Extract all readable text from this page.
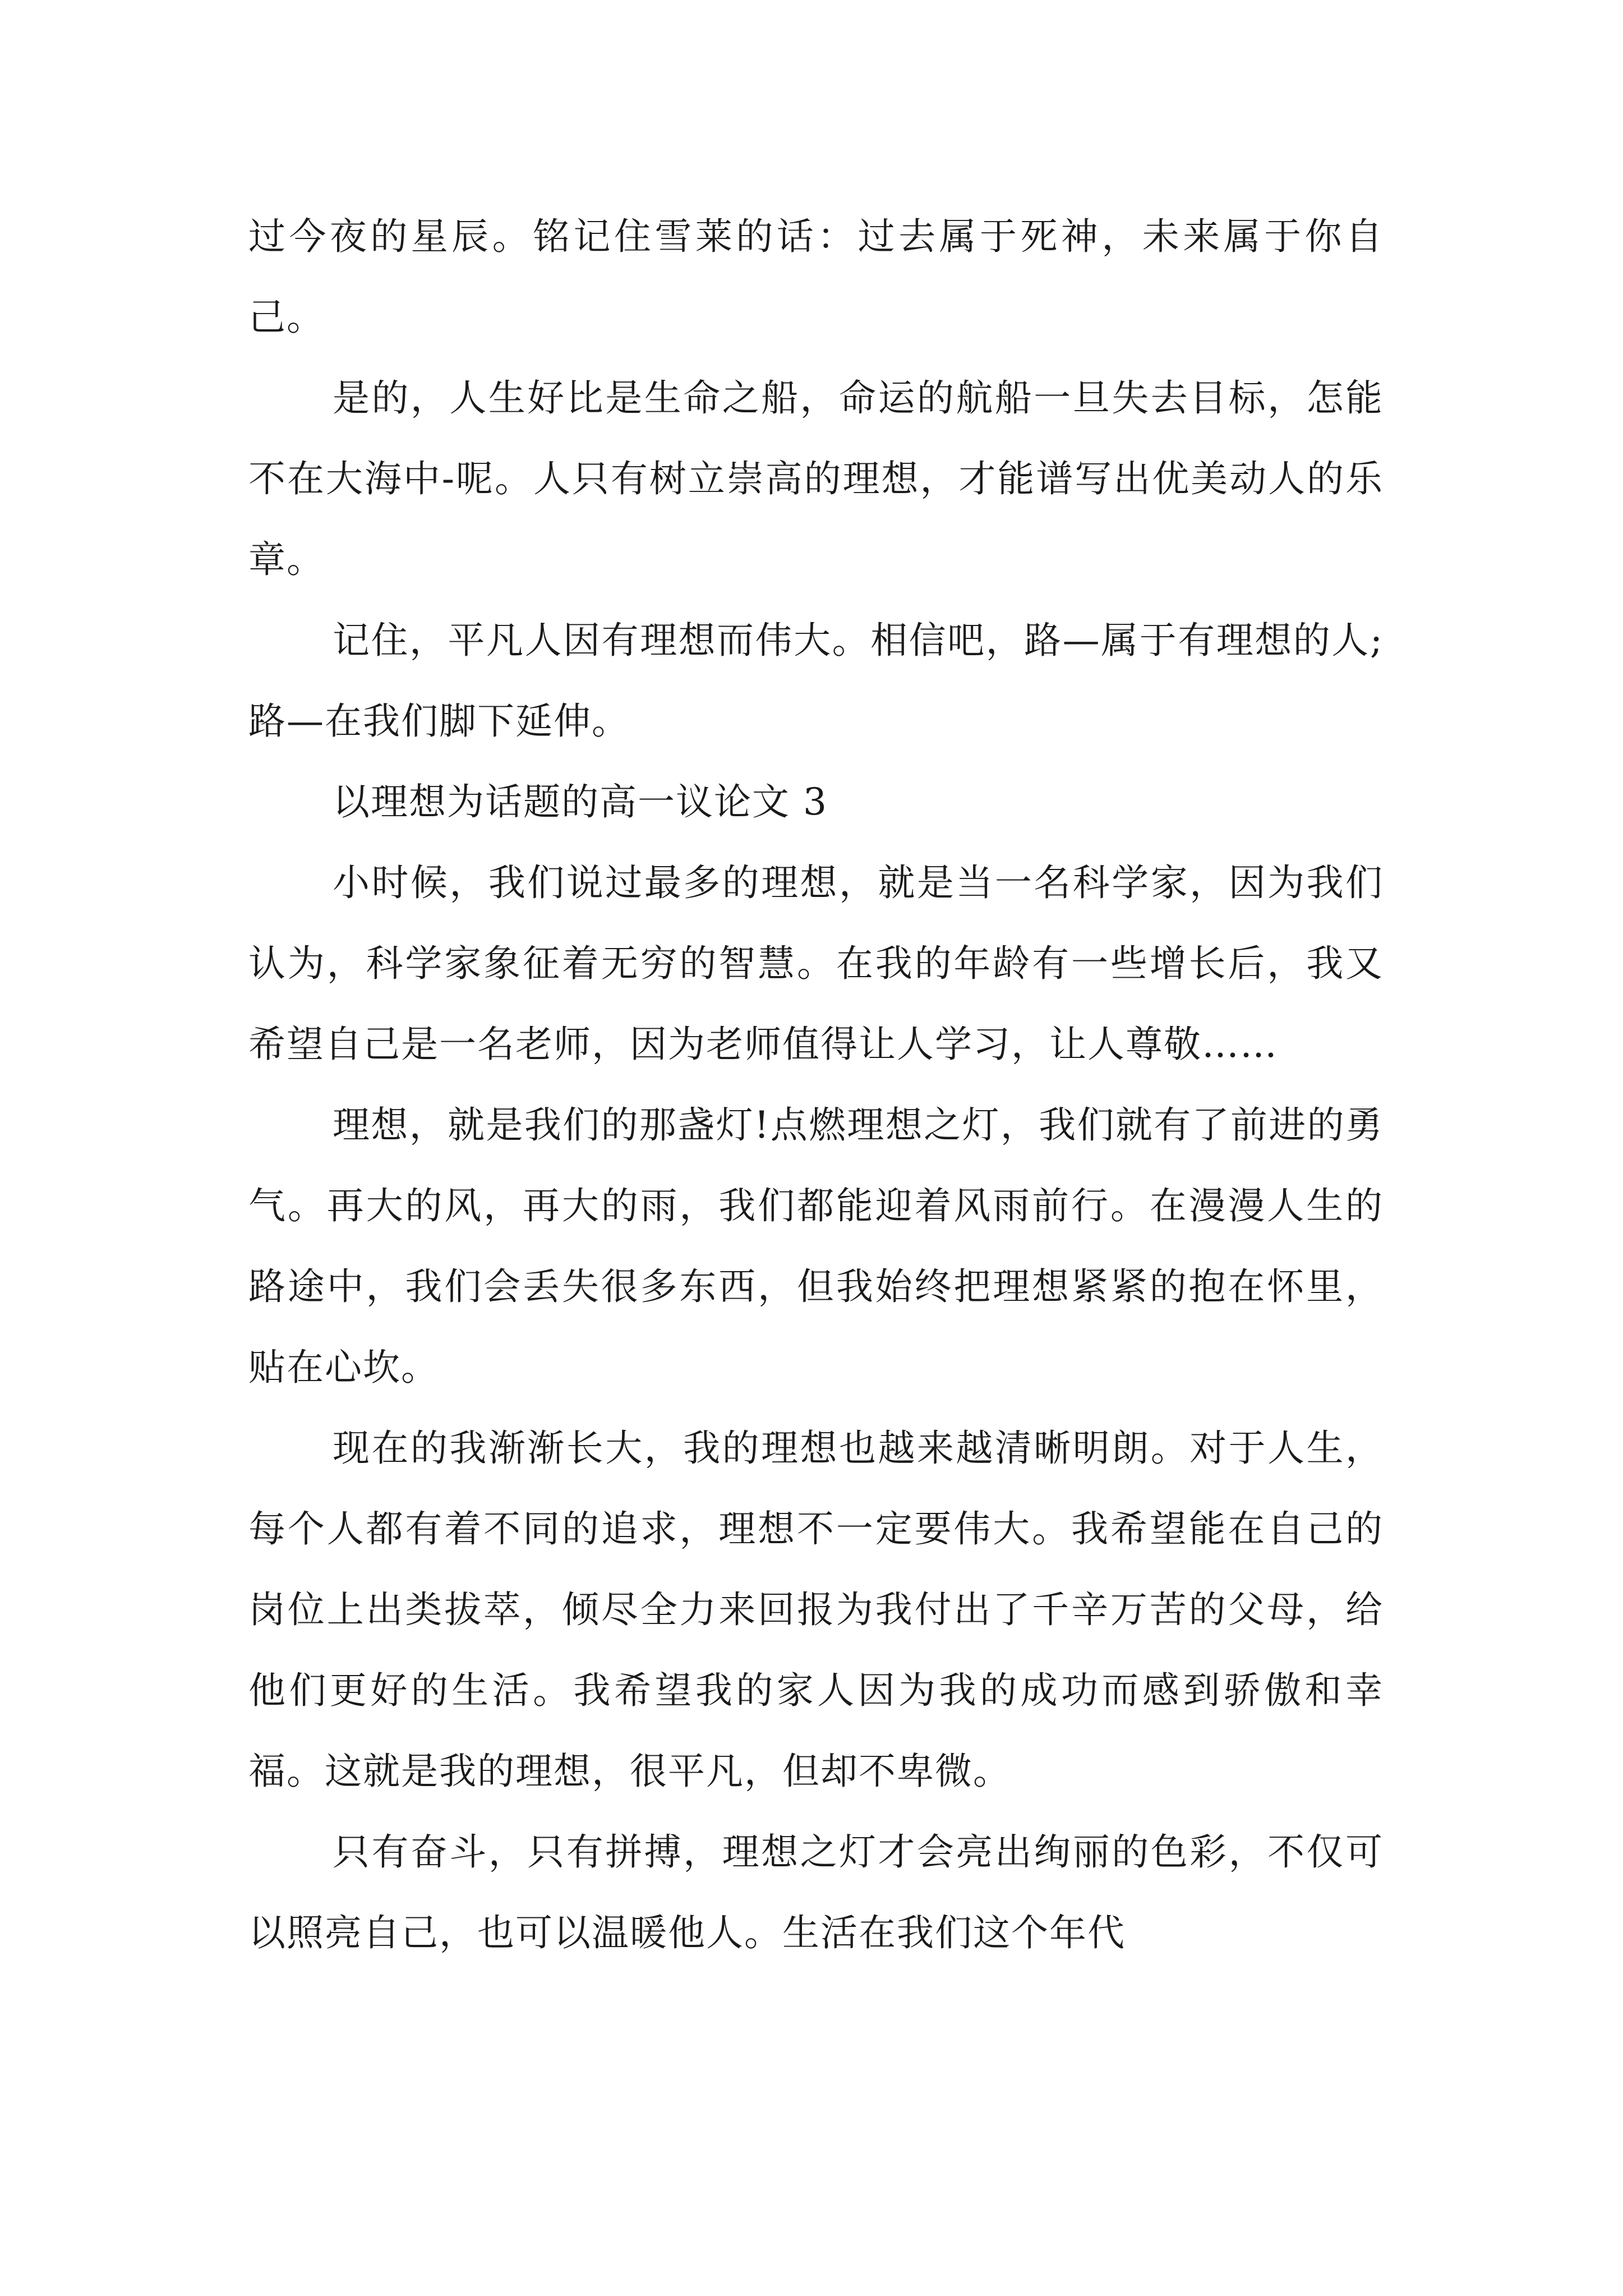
过今夜的星辰。铭记住雪莱的话：过去属于死神，未来属于你自己。

是的，人生好比是生命之船，命运的航船一旦失去目标，怎能不在大海中-呢。人只有树立崇高的理想，才能谱写出优美动人的乐章。

记住，平凡人因有理想而伟大。相信吧，路—属于有理想的人;路—在我们脚下延伸。

以理想为话题的高一议论文 3

小时候，我们说过最多的理想，就是当一名科学家，因为我们认为，科学家象征着无穷的智慧。在我的年龄有一些增长后，我又希望自己是一名老师，因为老师值得让人学习，让人尊敬……

理想，就是我们的那盏灯!点燃理想之灯，我们就有了前进的勇气。再大的风，再大的雨，我们都能迎着风雨前行。在漫漫人生的路途中，我们会丢失很多东西，但我始终把理想紧紧的抱在怀里，贴在心坎。

现在的我渐渐长大，我的理想也越来越清晰明朗。对于人生，每个人都有着不同的追求，理想不一定要伟大。我希望能在自己的岗位上出类拔萃，倾尽全力来回报为我付出了千辛万苦的父母，给他们更好的生活。我希望我的家人因为我的成功而感到骄傲和幸福。这就是我的理想，很平凡，但却不卑微。

只有奋斗，只有拼搏，理想之灯才会亮出绚丽的色彩，不仅可以照亮自己，也可以温暖他人。生活在我们这个年代
